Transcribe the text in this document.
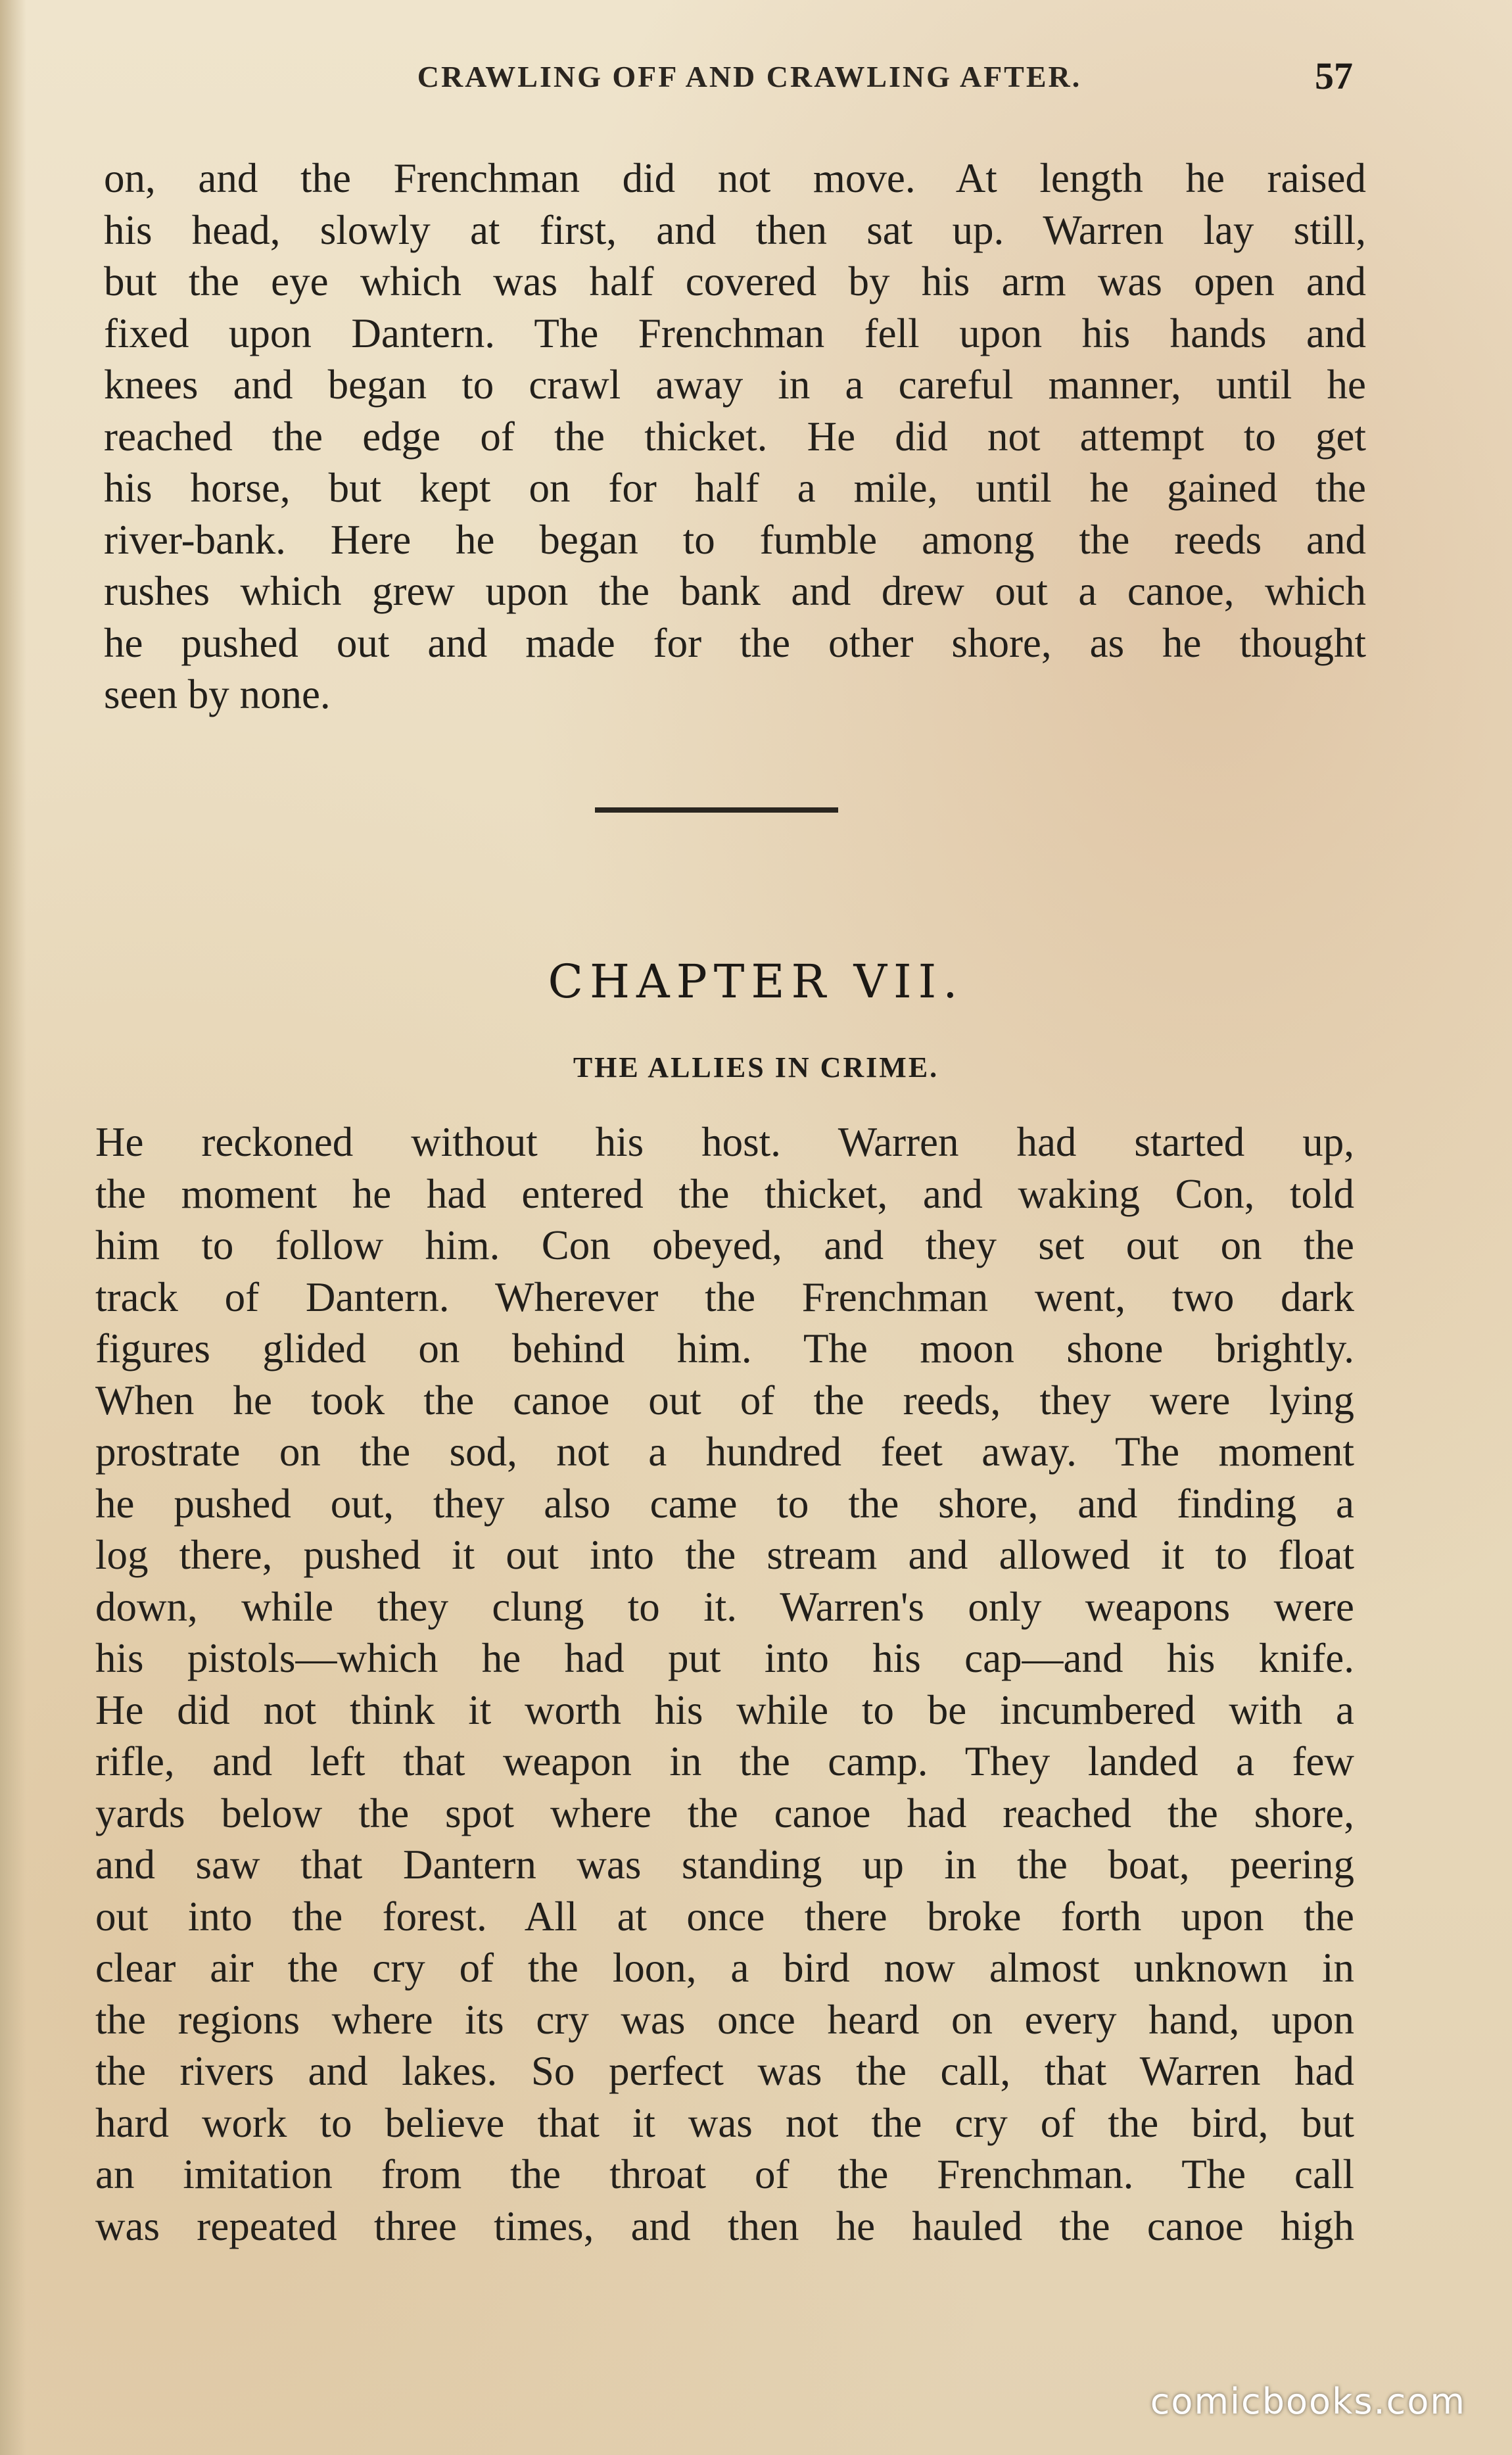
CRAWLING OFF AND CRAWLING AFTER.	57
on, and the Frenchman did not move. At length he raised
his head, slowly at first, and then sat up. Warren lay still,
but the eye which was half covered by his arm was open and
fixed upon Dantern. The Frenchman fell upon his hands and
knees and began to crawl away in a careful manner, until he
reached the edge of the thicket. He did not attempt to get
his horse, but kept on for half a mile, until he gained the
river-bank. Here he began to fumble among the reeds and
rushes which grew upon the bank and drew out a canoe, which
he pushed out and made for the other shore, as he thought
seen by none.
CHAPTER VII.
THE ALLIES IN CRIME.
He reckoned without his host. Warren had started up,
the moment he had entered the thicket, and waking Con, told
him to follow him. Con obeyed, and they set out on the
track of Dantern. Wherever the Frenchman went, two dark
figures glided on behind him. The moon shone brightly.
When he took the canoe out of the reeds, they were lying
prostrate on the sod, not a hundred feet away. The moment
he pushed out, they also came to the shore, and finding a
log there, pushed it out into the stream and allowed it to float
down, while they clung to it. Warren's only weapons were
his pistols—which he had put into his cap—and his knife.
He did not think it worth his while to be incumbered with a
rifle, and left that weapon in the camp. They landed a few
yards below the spot where the canoe had reached the shore,
and saw that Dantern was standing up in the boat, peering
out into the forest. All at once there broke forth upon the
clear air the cry of the loon, a bird now almost unknown in
the regions where its cry was once heard on every hand, upon
the rivers and lakes. So perfect was the call, that Warren had
hard work to believe that it was not the cry of the bird, but
an imitation from the throat of the Frenchman. The call
was repeated three times, and then he hauled the canoe high
comicbooks.com
